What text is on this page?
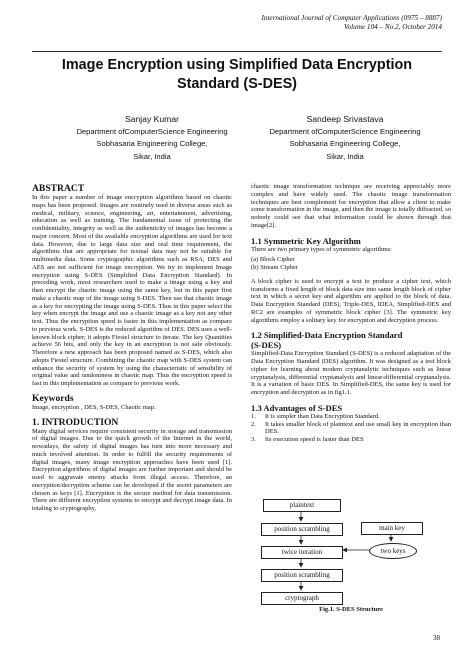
International Journal of Computer Applications (0975 – 8887)
Volume 104 – No.2, October 2014
Image Encryption using Simplified Data Encryption
Standard (S-DES)
Sanjay Kumar
Department ofComputerScience Engineering
Sobhasaria Engineering College,
Sikar, India
Sandeep Srivastava
Department ofComputerScience Engineering
Sobhasaria Engineering College,
Sikar, India
ABSTRACT

In this paper a number of image encryption algorithms based on chaotic maps has been proposed. Images are routinely used in diverse areas such as medical, military, science, engineering, art, entertainment, advertising, education as well as training. The fundamental issue of protecting the confidentiality, integrity as well as the authenticity of images has become a major concern. Most of the available encryption algorithms are used for text data. However, due to large data size and real time requirement, the algorithms that are appropriate for textual data may not be suitable for multimedia data. Some cryptographic algorithms such as RSA, DES and AES are not sufficient for image encryption. We try to implement Image encryption using S-DES (Simplified Data Encryption Standard). In preceding work, most researchers used to make a image using a key and then encrypt the chaotic image using the same key, but in this paper first make a chaotic map of the image using S-DES. Then use that chaotic image as a key for encrypting the image using S-DES. Thus in this paper select the key when encrypt the image and use a chaotic image as a key not any other text. Thus the encryption speed is faster in this implementation as compare to previous work. S-DES is the reduced algorithm of DES. DES uses a well-known block cipher; it adopts Fiestel structure to iterate. The key Quantities achieve 56 bits, and only the key in an encryption is not safe obviously. Therefore a new approach has been proposed named as S-DES, which also adopts Fiestel structure. Combining the chaotic map with S-DES system can enhance the security of system by using the characteristic of sensibility of original value and randomness in chaotic map. Thus the encryption speed is fast in this implementation as compare to previous work.

Keywords

Image, encryption , DES, S-DES, Chaotic map.

1. INTRODUCTION

Many digital services require consistent security in storage and transmission of digital images. Due to the quick growth of the Internet in the world, nowadays, the safety of digital images has turn into more necessary and much involved attention. In order to fulfill the security requirements of digital images, many image encryption approaches have been used [1]. Encryption algorithms of digital images are further important and should be used to aggravate enemy attacks from illegal access. Therefore, an encryption/decryption scheme can be developed if the secret parameters are chosen as keys [1]. Encryption is the secure method for data transmission. There are different encryption systems to encrypt and decrypt image data. In totaling to cryptography,

chaotic image transformation technique are receiving appreciably more complex and have widely used. The chaotic image transformation techniques are best complement for encryption that allow a client to make some transformation in the image, and then the image is totally diffracted, so nobody could see that what information could be shown through that image[2].

1.1 Symmetric Key Algorithm

There are two primary types of symmetric algorithms:

(a) Block Cipher

(b) Stream Cipher

A block cipher is used to encrypt a text to produce a cipher text, which transforms a fixed length of block data size into same length block of cipher text in which a secret key and algorithm are applied to the block of data. Data Encryption Standard (DES), Triple-DES, IDEA, Simplified-DES and RC2 are examples of symmetric block cipher [3]. The symmetric key algorithms employ a solitary key for encryption and decryption process.

1.2 Simplified-Data Encryption Standard
(S-DES)

Simplified-Data Encryption Standard (S-DES) is a reduced adaptation of the Data Encryption Standard (DES) algorithm. It was designed as a test block cipher for learning about modern cryptanalytic techniques such as linear cryptanalysis, differential cryptanalysis and linear-differential cryptanalysis. It is a variation of basic DES. In Simplified-DES, the same key is used for encryption and decryption as in fig1.1.

1.3 Advantages of S-DES
1.	It is simpler than Data Encryption Standard.
2.	It takes smaller block of plaintext and use small key in encryption than DES.
3.	Its execution speed is faster than DES
plaintext
position scrambling
twice iteration
position scrambling
cryptograph
main key
two keys
Fig.1. S-DES Structure
38
